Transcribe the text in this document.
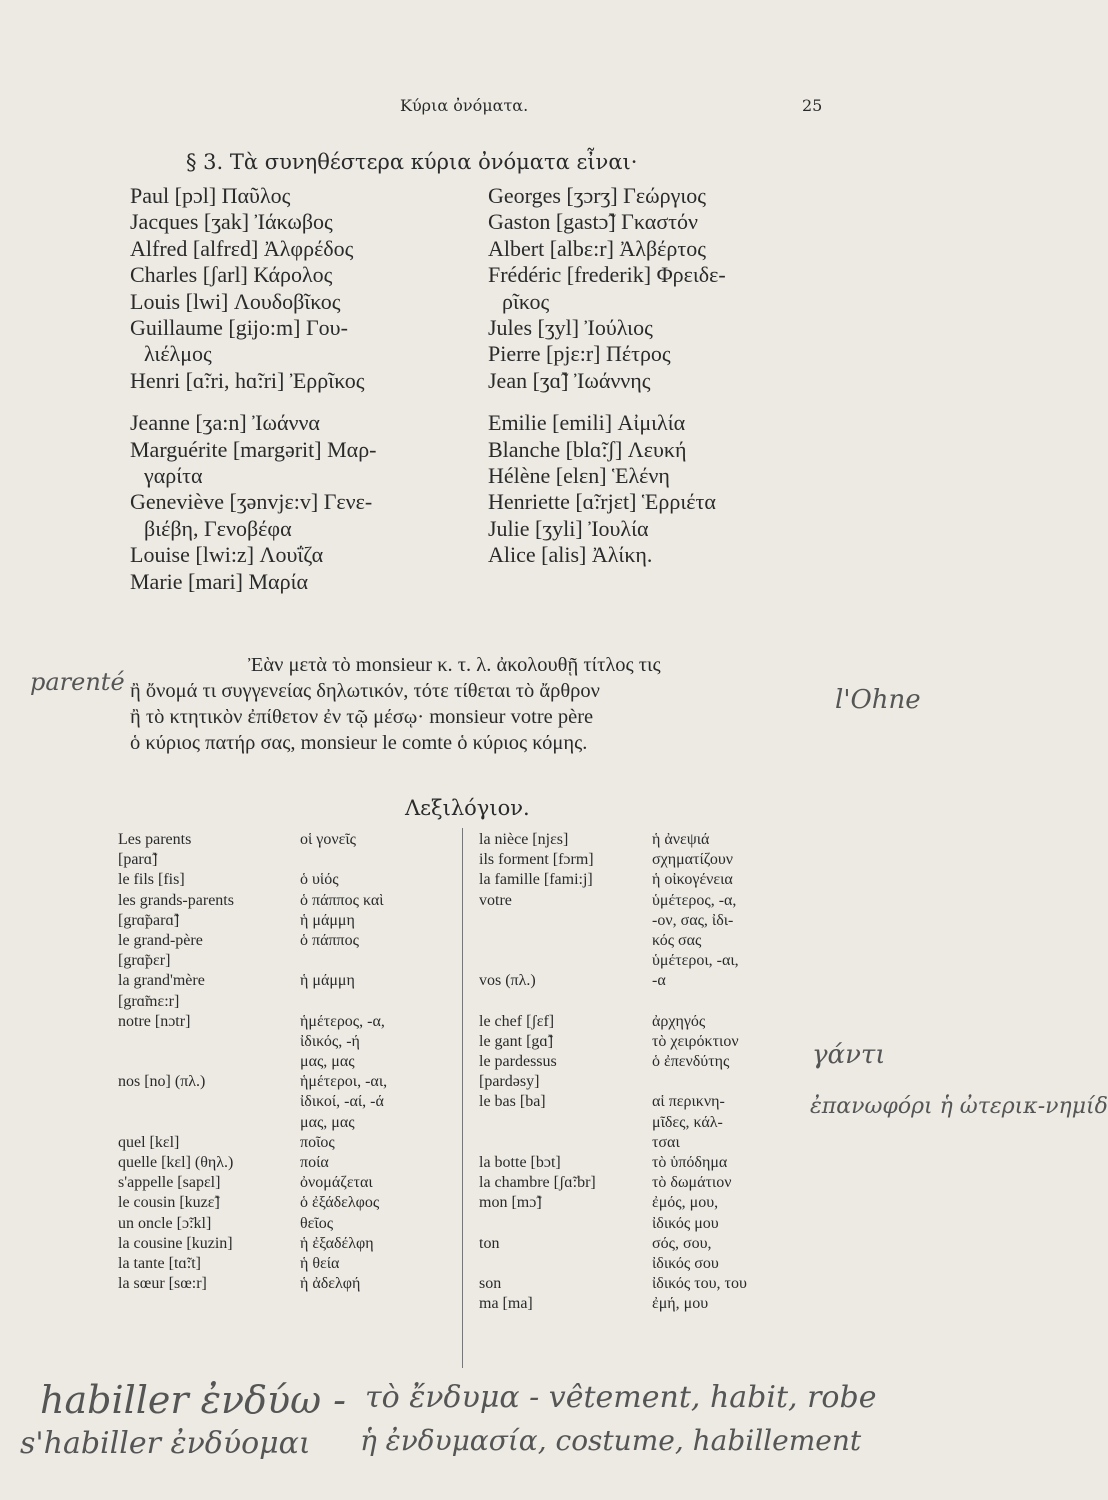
Κύρια ὀνόματα.	25
§ 3. Τὰ συνηθέστερα κύρια ὀνόματα εἶναι·
Paul [pɔl] Παῦλος
Jacques [ʒak] Ἰάκωβος
Alfred [alfrɛd] Ἀλφρέδος
Charles [ʃarl] Κάρολος
Louis [lwi] Λουδοβῖκος
Guillaume [gijo:m] Γου-
λιέλμος
Henri [ɑ̃:ri, hɑ̃:ri] Ἐρρῖκος
Jeanne [ʒa:n] Ἰωάννα
Marguérite [margərit] Μαρ-
γαρίτα
Geneviève [ʒənvjɛ:v] Γενε-
βιέβη, Γενοβέφα
Louise [lwi:z] Λουΐζα
Marie [mari] Μαρία
Georges [ʒɔrʒ] Γεώργιος
Gaston [gastɔ̃] Γκαστόν
Albert [albɛ:r] Ἀλβέρτος
Frédéric [frederik] Φρειδε-
ρῖκος
Jules [ʒyl] Ἰούλιος
Pierre [pjɛ:r] Πέτρος
Jean [ʒɑ̃] Ἰωάννης
Emilie [emili] Αἰμιλία
Blanche [blɑ̃:ʃ] Λευκή
Hélène [elɛn] Ἑλένη
Henriette [ɑ̃:rjɛt] Ἑρριέτα
Julie [ʒyli] Ἰουλία
Alice [alis] Ἀλίκη.
Ἐὰν μετὰ τὸ monsieur κ. τ. λ. ἀκολουθῇ τίτλος τις
ἢ ὄνομά τι συγγενείας δηλωτικόν, τότε τίθεται τὸ ἄρθρον
ἢ τὸ κτητικὸν ἐπίθετον ἐν τῷ μέσῳ· monsieur votre père
ὁ κύριος πατήρ σας, monsieur le comte ὁ κύριος κόμης.
Λεξιλόγιον.
Les parents
[parɑ̃]
le fils [fis]
les grands-parents
[grɑ̃parɑ̃]
le grand-père
[grɑ̃pɛr]
la grand'mère
[grɑ̃mɛ:r]
notre [nɔtr]
nos [no] (πλ.)
quel [kɛl]
quelle [kɛl] (θηλ.)
s'appelle [sapɛl]
le cousin [kuzɛ̃]
un oncle [ɔ̃:kl]
la cousine [kuzin]
la tante [tɑ̃:t]
la sœur [sœ:r]
οἱ γονεῖς
ὁ υἱός
ὁ πάππος καὶ
ἡ μάμμη
ὁ πάππος
ἡ μάμμη
ἡμέτερος, -α,
ἰδικός, -ή
μας, μας
ἡμέτεροι, -αι,
ἰδικοί, -αί, -ά
μας, μας
ποῖος
ποία
ὀνομάζεται
ὁ ἐξάδελφος
θεῖος
ἡ ἐξαδέλφη
ἡ θεία
ἡ ἀδελφή
la nièce [njɛs]
ils forment [fɔrm]
la famille [fami:j]
votre
vos (πλ.)
le chef [ʃɛf]
le gant [gɑ̃]
le pardessus
[pardəsy]
le bas [ba]
la botte [bɔt]
la chambre [ʃɑ̃:br]
mon [mɔ̃]
ton
son
ma [ma]
ἡ ἀνεψιά
σχηματίζουν
ἡ οἰκογένεια
ὑμέτερος, -α,
-ον, σας, ἰδι-
κός σας
ὑμέτεροι, -αι,
-α
ἀρχηγός
τὸ χειρόκτιον
ὁ ἐπενδύτης
αἱ περικνη-
μῖδες, κάλ-
τσαι
τὸ ὑπόδημα
τὸ δωμάτιον
ἐμός, μου,
ἰδικός μου
σός, σου,
ἰδικός σου
ἰδικός του, του
ἐμή, μου
parenté
l'Ohne
γάντι
ἐπανωφόρι ἡ ὠτερικ-νημίδ
habiller ἐνδύω - τὸ ἔνδυμα - vêtement, habit, robe
s'habiller ἐνδύομαι ἡ ἐνδυμασία, costume, habillement
